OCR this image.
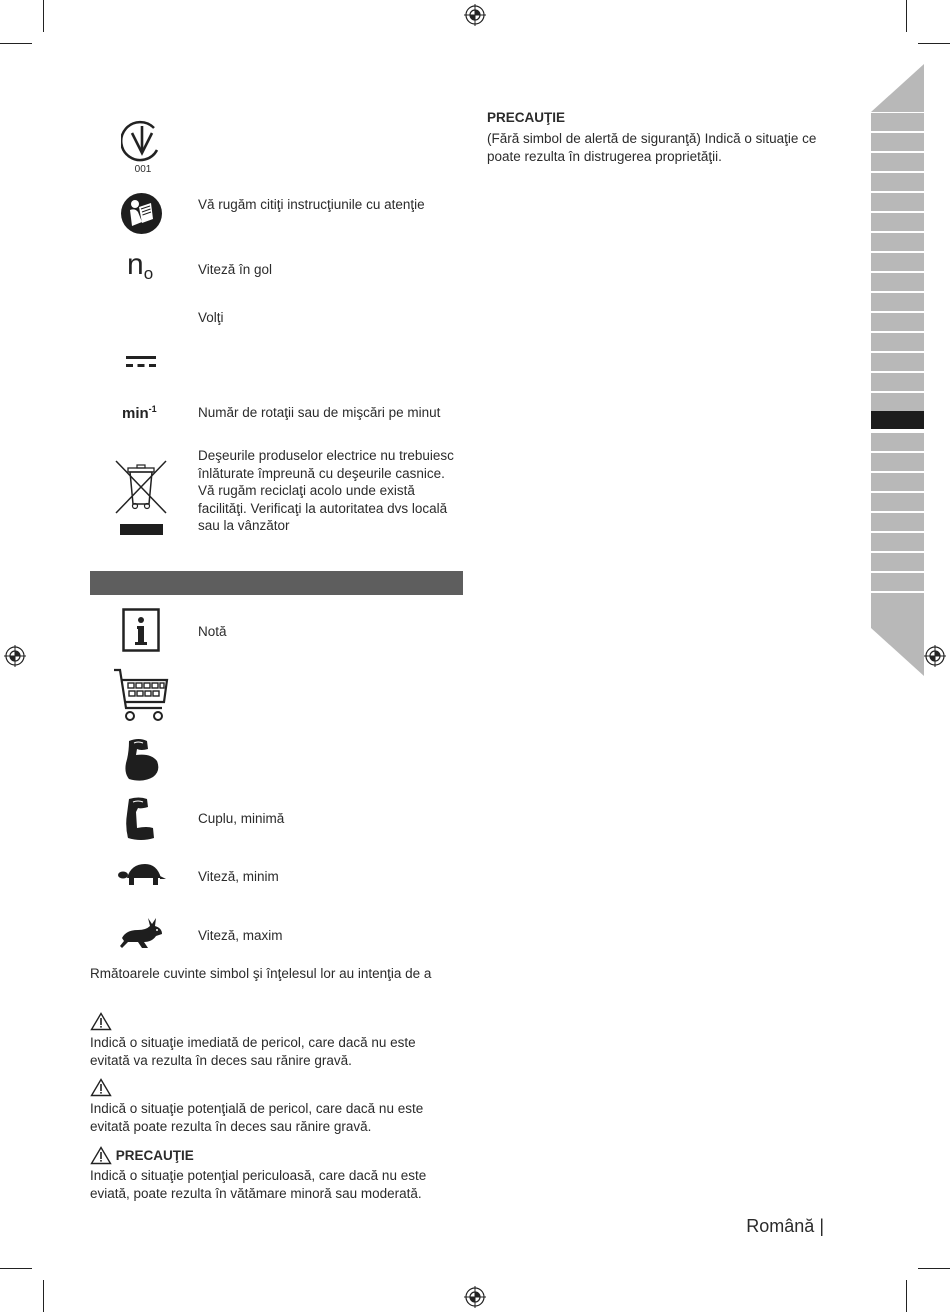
001
Vă rugăm citiţi instrucţiunile cu atenţie
no	Viteză în gol
Volţi
$\min^{-1}$	Număr de rotaţii sau de mişcări pe minut
Deşeurile produselor electrice nu trebuiesc înlăturate împreună cu deşeurile casnice. Vă rugăm reciclaţi acolo unde există facilităţi. Verificaţi la autoritatea dvs locală sau la vânzător
Notă
Cuplu, minimă
Viteză, minim
Viteză, maxim
Rmătoarele cuvinte simbol şi înţelesul lor au intenţia de a
Indică o situaţie imediată de pericol, care dacă nu este evitată va rezulta în deces sau rănire gravă.
Indică o situaţie potenţială de pericol, care dacă nu este evitată poate rezulta în deces sau rănire gravă.
PRECAUŢIE
Indică o situaţie potenţial periculoasă, care dacă nu este eviată, poate rezulta în vătămare minoră sau moderată.
PRECAUŢIE
(Fără simbol de alertă de siguranţă) Indică o situaţie ce poate rezulta în distrugerea proprietăţii.
Română |
